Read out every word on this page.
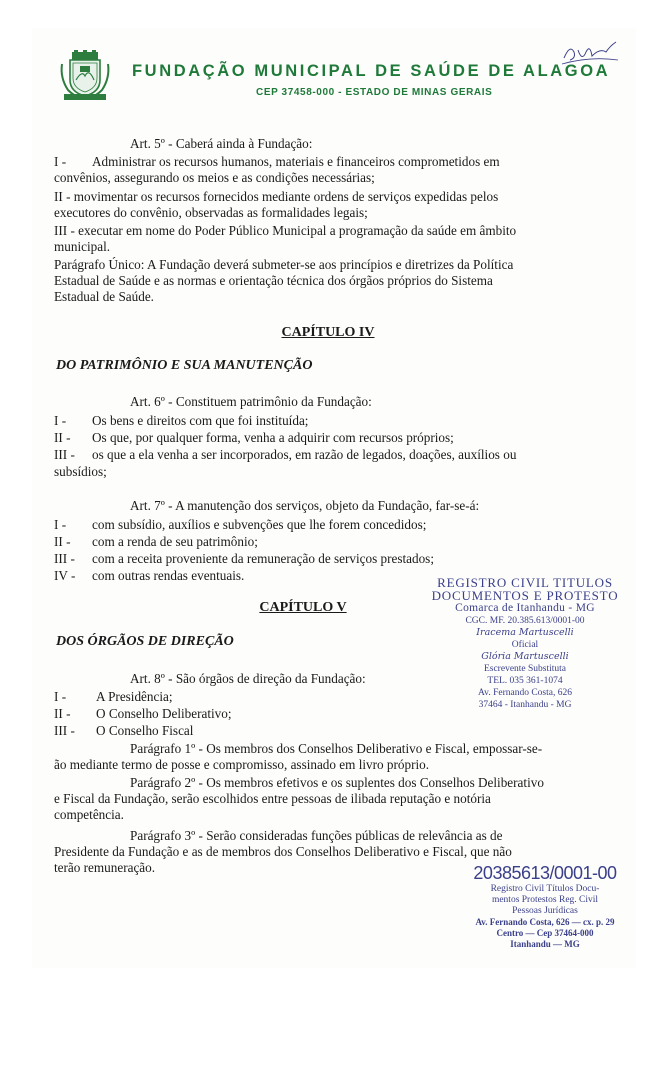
FUNDAÇÃO MUNICIPAL DE SAÚDE DE ALAGOA
CEP 37458-000 - ESTADO DE MINAS GERAIS
Art. 5º - Caberá ainda à Fundação:
I - Administrar os recursos humanos, materiais e financeiros comprometidos em
convênios, assegurando os meios e as condições necessárias;
II - movimentar os recursos fornecidos mediante ordens de serviços expedidas pelos
executores do convênio, observadas as formalidades legais;
III - executar em nome do Poder Público Municipal a programação da saúde em âmbito
municipal.
Parágrafo Único: A Fundação deverá submeter-se aos princípios e diretrizes da Política
Estadual de Saúde e as normas e orientação técnica dos órgãos próprios do Sistema
Estadual de Saúde.
CAPÍTULO IV
DO PATRIMÔNIO E SUA MANUTENÇÃO
Art. 6º - Constituem patrimônio da Fundação:
I - Os bens e direitos com que foi instituída;
II - Os que, por qualquer forma, venha a adquirir com recursos próprios;
III - os que a ela venha a ser incorporados, em razão de legados, doações, auxílios ou
subsídios;
Art. 7º - A manutenção dos serviços, objeto da Fundação, far-se-á:
I - com subsídio, auxílios e subvenções que lhe forem concedidos;
II - com a renda de seu patrimônio;
III - com a receita proveniente da remuneração de serviços prestados;
IV - com outras rendas eventuais.
CAPÍTULO V
DOS ÓRGÃOS DE DIREÇÃO
Art. 8º - São órgãos de direção da Fundação:
I - A Presidência;
II - O Conselho Deliberativo;
III - O Conselho Fiscal
Parágrafo 1º - Os membros dos Conselhos Deliberativo e Fiscal, empossar-se-
ão mediante termo de posse e compromisso, assinado em livro próprio.
Parágrafo 2º - Os membros efetivos e os suplentes dos Conselhos Deliberativo
e Fiscal da Fundação, serão escolhidos entre pessoas de ilibada reputação e notória
competência.
Parágrafo 3º - Serão consideradas funções públicas de relevância as de
Presidente da Fundação e as de membros dos Conselhos Deliberativo e Fiscal, que não
terão remuneração.
REGISTRO CIVIL TITULOS
DOCUMENTOS E PROTESTO
Comarca de Itanhandu - MG
CGC. MF. 20.385.613/0001-00
Iracema Martuscelli
Oficial
Glória Martuscelli
Escrevente Substituta
TEL. 035 361-1074
Av. Fernando Costa, 626
37464 - Itanhandu - MG
20385613/0001-00
Registro Civil Títulos Docu-
mentos Protestos Reg. Civil
Pessoas Jurídicas
Av. Fernando Costa, 626 — cx. p. 29
Centro — Cep 37464-000
Itanhandu — MG
